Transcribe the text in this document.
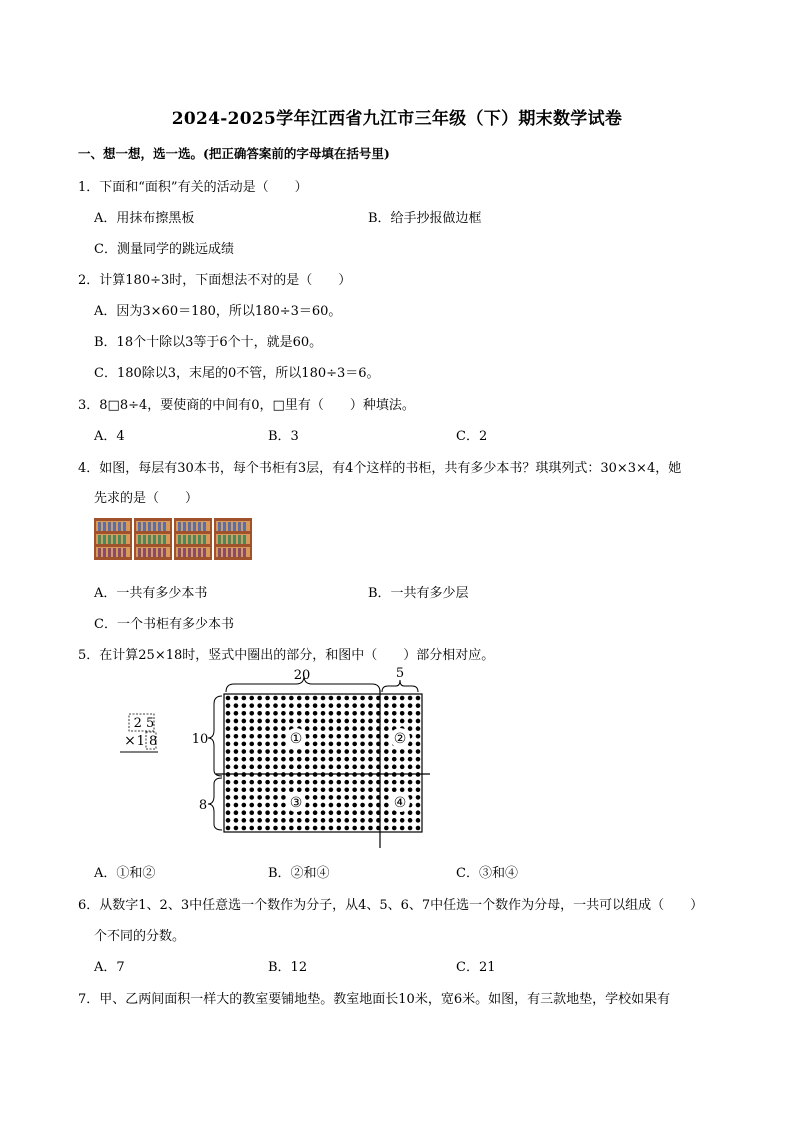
2024-2025学年江西省九江市三年级（下）期末数学试卷
一、想一想，选一选。(把正确答案前的字母填在括号里)
1．下面和“面积”有关的活动是（　　）
A．用抹布擦黑板	B．给手抄报做边框
C．测量同学的跳远成绩
2．计算180÷3时，下面想法不对的是（　　）
A．因为3×60＝180，所以180÷3＝60。
B．18个十除以3等于6个十，就是60。
C．180除以3，末尾的0不管，所以180÷3＝6。
3．8□8÷4，要使商的中间有0，□里有（　　）种填法。
A．4	B．3	C．2
4．如图，每层有30本书，每个书柜有3层，有4个这样的书柜，共有多少本书？琪琪列式：30×3×4，她
先求的是（　　）
A．一共有多少本书	B．一共有多少层
C．一个书柜有多少本书
5．在计算25×18时，竖式中圈出的部分，和图中（　　）部分相对应。
2 5
× 1 8
20	5
10
8
①	②
③	④
A．①和②	B．②和④	C．③和④
6．从数字1、2、3中任意选一个数作为分子，从4、5、6、7中任选一个数作为分母，一共可以组成（　　）
个不同的分数。
A．7	B．12	C．21
7．甲、乙两间面积一样大的教室要铺地垫。教室地面长10米，宽6米。如图，有三款地垫，学校如果有
